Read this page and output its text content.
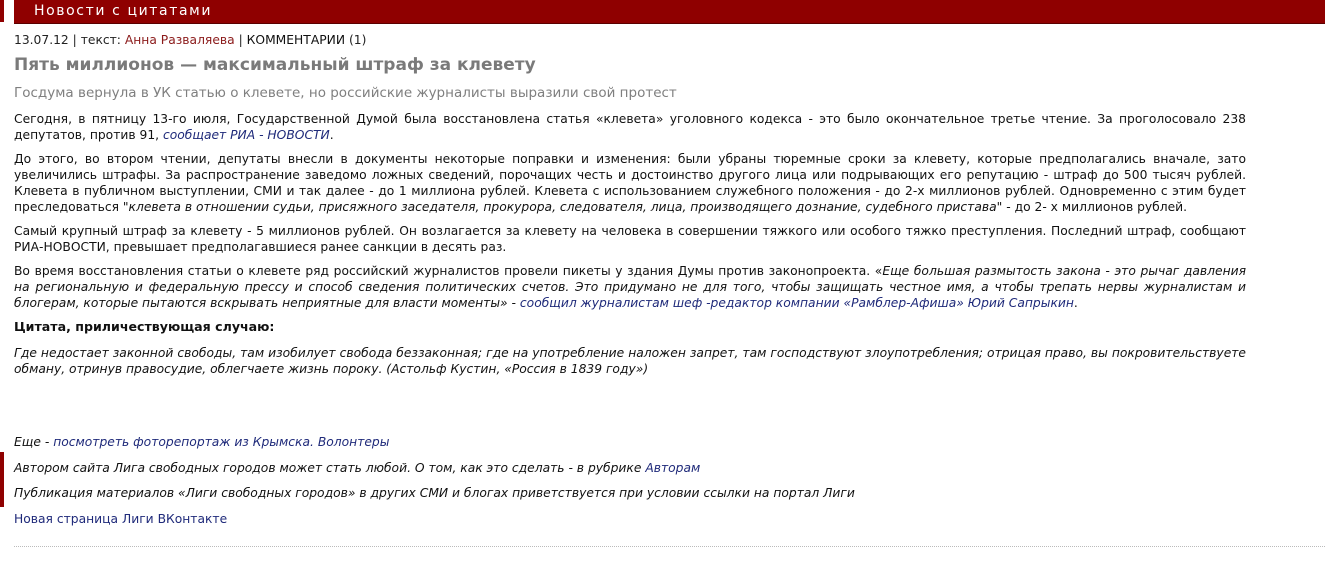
Новости с цитатами
13.07.12 | текст: Анна Разваляева | КОММЕНТАРИИ (1)
Пять миллионов — максимальный штраф за клевету
Госдума вернула в УК статью о клевете, но российские журналисты выразили свой протест

Сегодня, в пятницу 13-го июля, Государственной Думой была восстановлена статья «клевета» уголовного кодекса - это было окончательное третье чтение. За проголосовало 238 депутатов, против 91, сообщает РИА - НОВОСТИ.

До этого, во втором чтении, депутаты внесли в документы некоторые поправки и изменения: были убраны тюремные сроки за клевету, которые предполагались вначале, зато увеличились штрафы. За распространение заведомо ложных сведений, порочащих честь и достоинство другого лица или подрывающих его репутацию - штраф до 500 тысяч рублей. Клевета в публичном выступлении, СМИ и так далее - до 1 миллиона рублей. Клевета с использованием служебного положения - до 2-х миллионов рублей. Одновременно с этим будет преследоваться "клевета в отношении судьи, присяжного заседателя, прокурора, следователя, лица, производящего дознание, судебного пристава" - до 2- х миллионов рублей.

Самый крупный штраф за клевету - 5 миллионов рублей. Он возлагается за клевету на человека в совершении тяжкого или особого тяжко преступления. Последний штраф, сообщают РИА-НОВОСТИ, превышает предполагавшиеся ранее санкции в десять раз.

Во время восстановления статьи о клевете ряд российский журналистов провели пикеты у здания Думы против законопроекта. «Еще большая размытость закона - это рычаг давления на региональную и федеральную прессу и способ сведения политических счетов. Это придумано не для того, чтобы защищать честное имя, а чтобы трепать нервы журналистам и блогерам, которые пытаются вскрывать неприятные для власти моменты» - сообщил журналистам шеф -редактор компании «Рамблер-Афиша» Юрий Сапрыкин.

Цитата, приличествующая случаю:

Где недостает законной свободы, там изобилует свобода беззаконная; где на употребление наложен запрет, там господствуют злоупотребления; отрицая право, вы покровительствуете обману, отринув правосудие, облегчаете жизнь пороку. (Астольф Кустин, «Россия в 1839 году»)

Еще - посмотреть фоторепортаж из Крымска. Волонтеры

Автором сайта Лига свободных городов может стать любой. О том, как это сделать - в рубрике Авторам

Публикация материалов «Лиги свободных городов» в других СМИ и блогах приветствуется при условии ссылки на портал Лиги

Новая страница Лиги ВКонтакте
